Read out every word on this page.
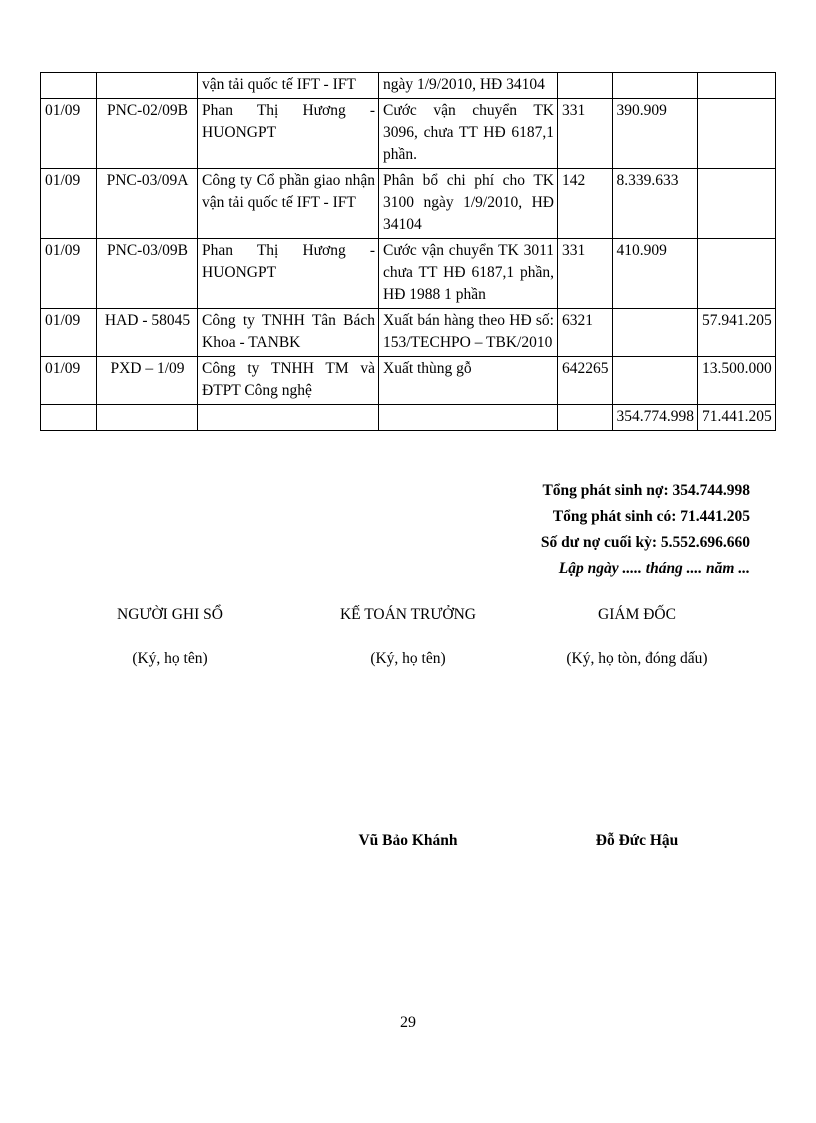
		vận tải quốc tế IFT - IFT	ngày 1/9/2010, HĐ 34104			
01/09	PNC-02/09B	Phan Thị Hương - HUONGPT	Cước vận chuyển TK 3096, chưa TT HĐ 6187,1 phần.	331	390.909	
01/09	PNC-03/09A	Công ty Cổ phần giao nhận vận tải quốc tế IFT - IFT	Phân bổ chi phí cho TK 3100 ngày 1/9/2010, HĐ 34104	142	8.339.633	
01/09	PNC-03/09B	Phan Thị Hương - HUONGPT	Cước vận chuyển TK 3011 chưa TT HĐ 6187,1 phần, HĐ 1988 1 phần	331	410.909	
01/09	HAD - 58045	Công ty TNHH Tân Bách Khoa - TANBK	Xuất bán hàng theo HĐ số: 153/TECHPO – TBK/2010	6321		57.941.205
01/09	PXD – 1/09	Công ty TNHH TM và ĐTPT Công nghệ	Xuất thùng gỗ	642265		13.500.000
					354.774.998	71.441.205
Tổng phát sinh nợ: 354.744.998
Tổng phát sinh có: 71.441.205
Số dư nợ cuối kỳ: 5.552.696.660
Lập ngày ..... tháng .... năm ...
NGƯỜI GHI SỔ
(Ký, họ tên)
KẾ TOÁN TRƯỞNG
(Ký, họ tên)
Vũ Bảo Khánh
GIÁM ĐỐC
(Ký, họ tòn, đóng dấu)
Đỗ Đức Hậu
29
